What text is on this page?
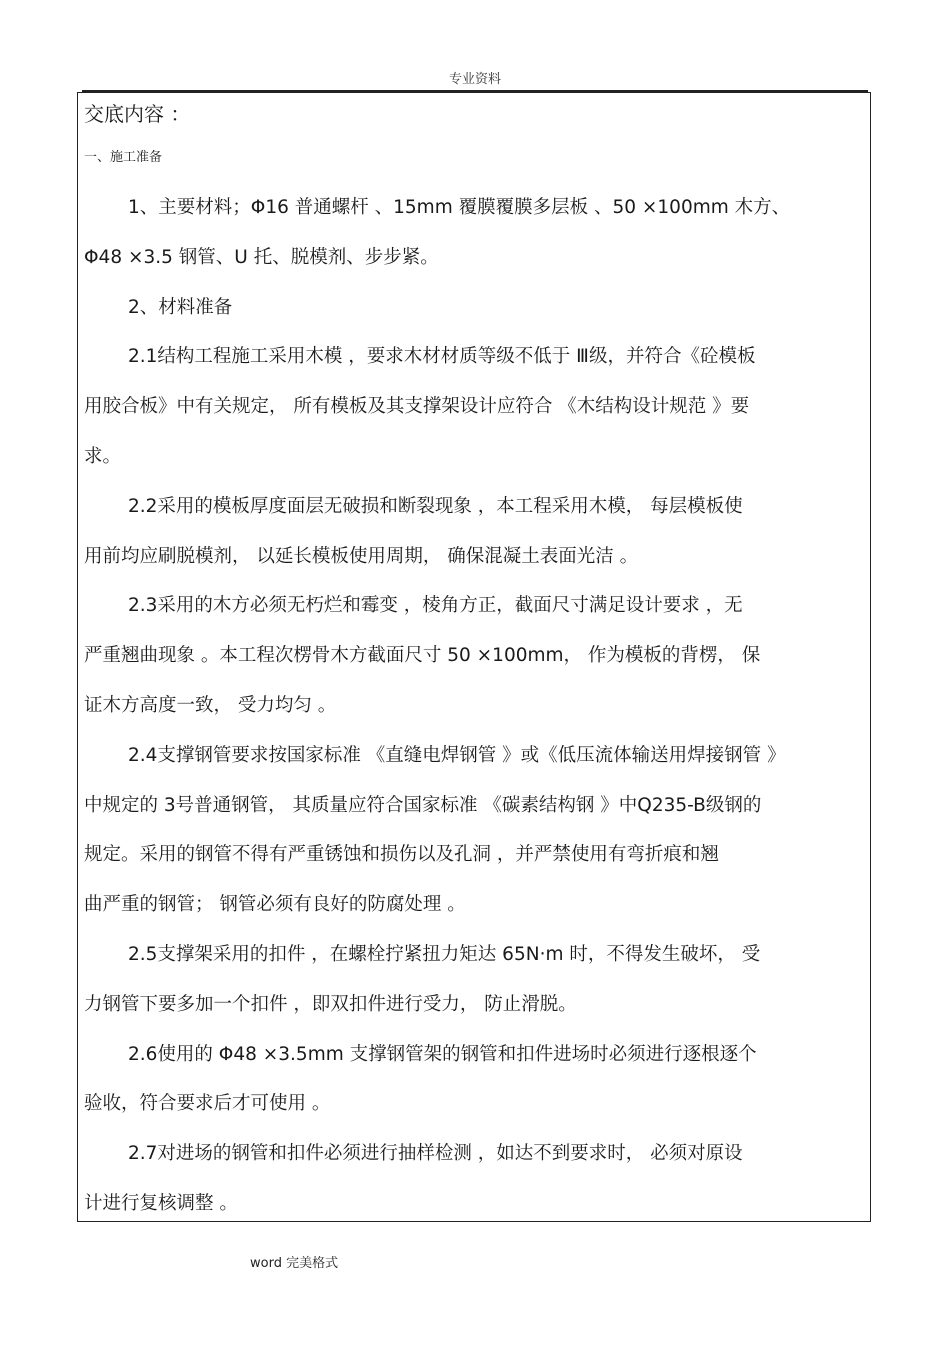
专业资料
交底内容 ：
一、施工准备
1、主要材料；Φ16 普通螺杆 、15mm 覆膜覆膜多层板 、50 ×100mm 木方、
Φ48 ×3.5 钢管、U 托、脱模剂、步步紧。
2、材料准备
2.1结构工程施工采用木模 ，要求木材材质等级不低于 Ⅲ级，并符合《砼模板
用胶合板》中有关规定， 所有模板及其支撑架设计应符合 《木结构设计规范 》要
求。
2.2采用的模板厚度面层无破损和断裂现象 ，本工程采用木模， 每层模板使
用前均应刷脱模剂， 以延长模板使用周期， 确保混凝土表面光洁 。
2.3采用的木方必须无朽烂和霉变 ，棱角方正，截面尺寸满足设计要求 ，无
严重翘曲现象 。本工程次楞骨木方截面尺寸 50 ×100mm， 作为模板的背楞， 保
证木方高度一致， 受力均匀 。
2.4支撑钢管要求按国家标准 《直缝电焊钢管 》或《低压流体输送用焊接钢管 》
中规定的 3号普通钢管， 其质量应符合国家标准 《碳素结构钢 》中Q235-B级钢的
规定。采用的钢管不得有严重锈蚀和损伤以及孔洞 ，并严禁使用有弯折痕和翘
曲严重的钢管； 钢管必须有良好的防腐处理 。
2.5支撑架采用的扣件 ，在螺栓拧紧扭力矩达 65N·m 时，不得发生破坏， 受
力钢管下要多加一个扣件 ，即双扣件进行受力， 防止滑脱。
2.6使用的 Φ48 ×3.5mm 支撑钢管架的钢管和扣件进场时必须进行逐根逐个
验收，符合要求后才可使用 。
2.7对进场的钢管和扣件必须进行抽样检测 ，如达不到要求时， 必须对原设
计进行复核调整 。
word 完美格式
